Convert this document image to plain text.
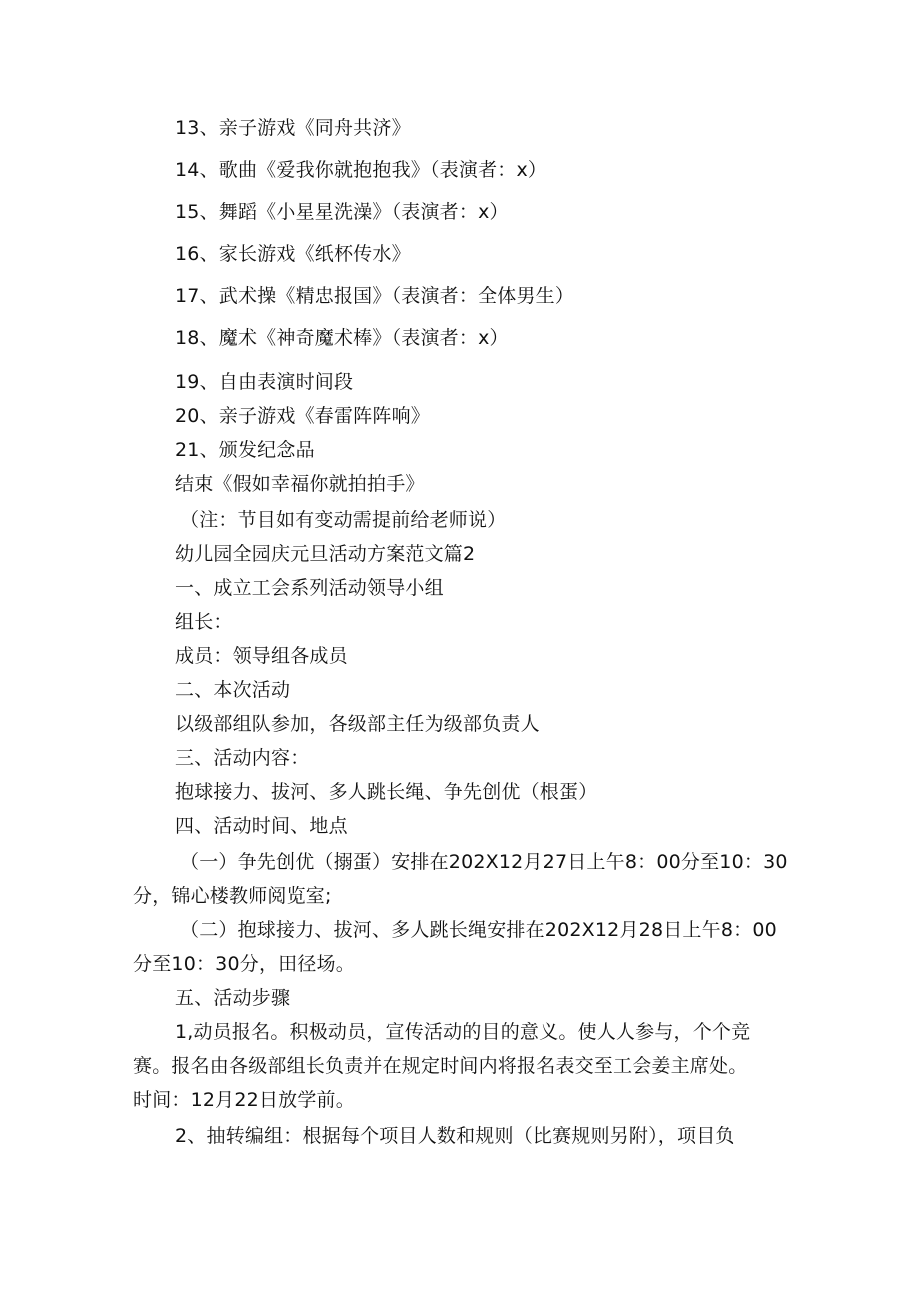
13、亲子游戏《同舟共济》
14、歌曲《爱我你就抱抱我》（表演者：x）
15、舞蹈《小星星洗澡》（表演者：x）
16、家长游戏《纸杯传水》
17、武术操《精忠报国》（表演者：全体男生）
18、魔术《神奇魔术棒》（表演者：x）
19、自由表演时间段
20、亲子游戏《春雷阵阵响》
21、颁发纪念品
结束《假如幸福你就拍拍手》
（注：节目如有变动需提前给老师说）
幼儿园全园庆元旦活动方案范文篇2
一、成立工会系列活动领导小组
组长：
成员：领导组各成员
二、本次活动
以级部组队参加，各级部主任为级部负责人
三、活动内容：
抱球接力、拔河、多人跳长绳、争先创优（根蛋）
四、活动时间、地点
（一）争先创优（搦蛋）安排在202X12月27日上午8：00分至10：30
分，锦心楼教师阅览室;
（二）抱球接力、拔河、多人跳长绳安排在202X12月28日上午8：00
分至10：30分，田径场。
五、活动步骤
1,动员报名。积极动员，宣传活动的目的意义。使人人参与，个个竞
赛。报名由各级部组长负责并在规定时间内将报名表交至工会姜主席处。
时间：12月22日放学前。
2、抽转编组：根据每个项目人数和规则（比赛规则另附），项目负
